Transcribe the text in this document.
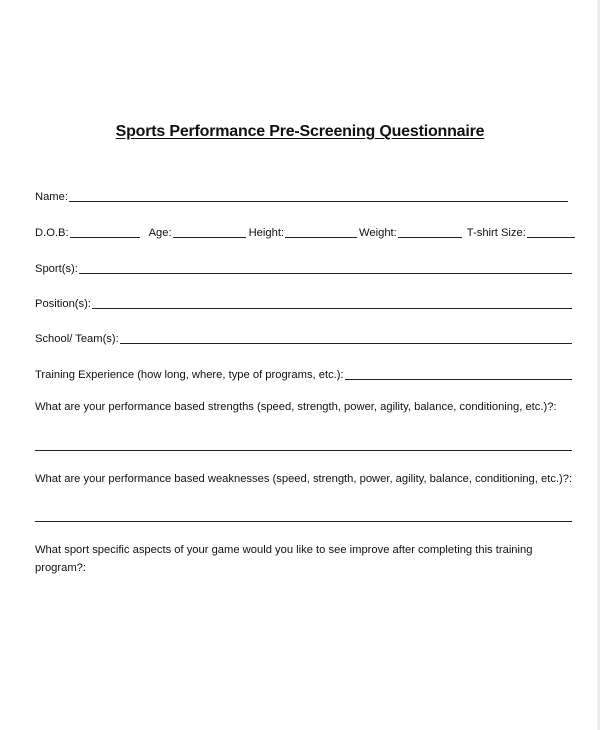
Sports Performance Pre-Screening Questionnaire
Name:
D.O.B:	Age:	Height:	Weight:	T-shirt Size:
Sport(s):
Position(s):
School/ Team(s):
Training Experience (how long, where, type of programs, etc.):
What are your performance based strengths (speed, strength, power, agility, balance, conditioning, etc.)?:
What are your performance based weaknesses (speed, strength, power, agility, balance, conditioning, etc.)?:
What sport specific aspects of your game would you like to see improve after completing this training program?:
